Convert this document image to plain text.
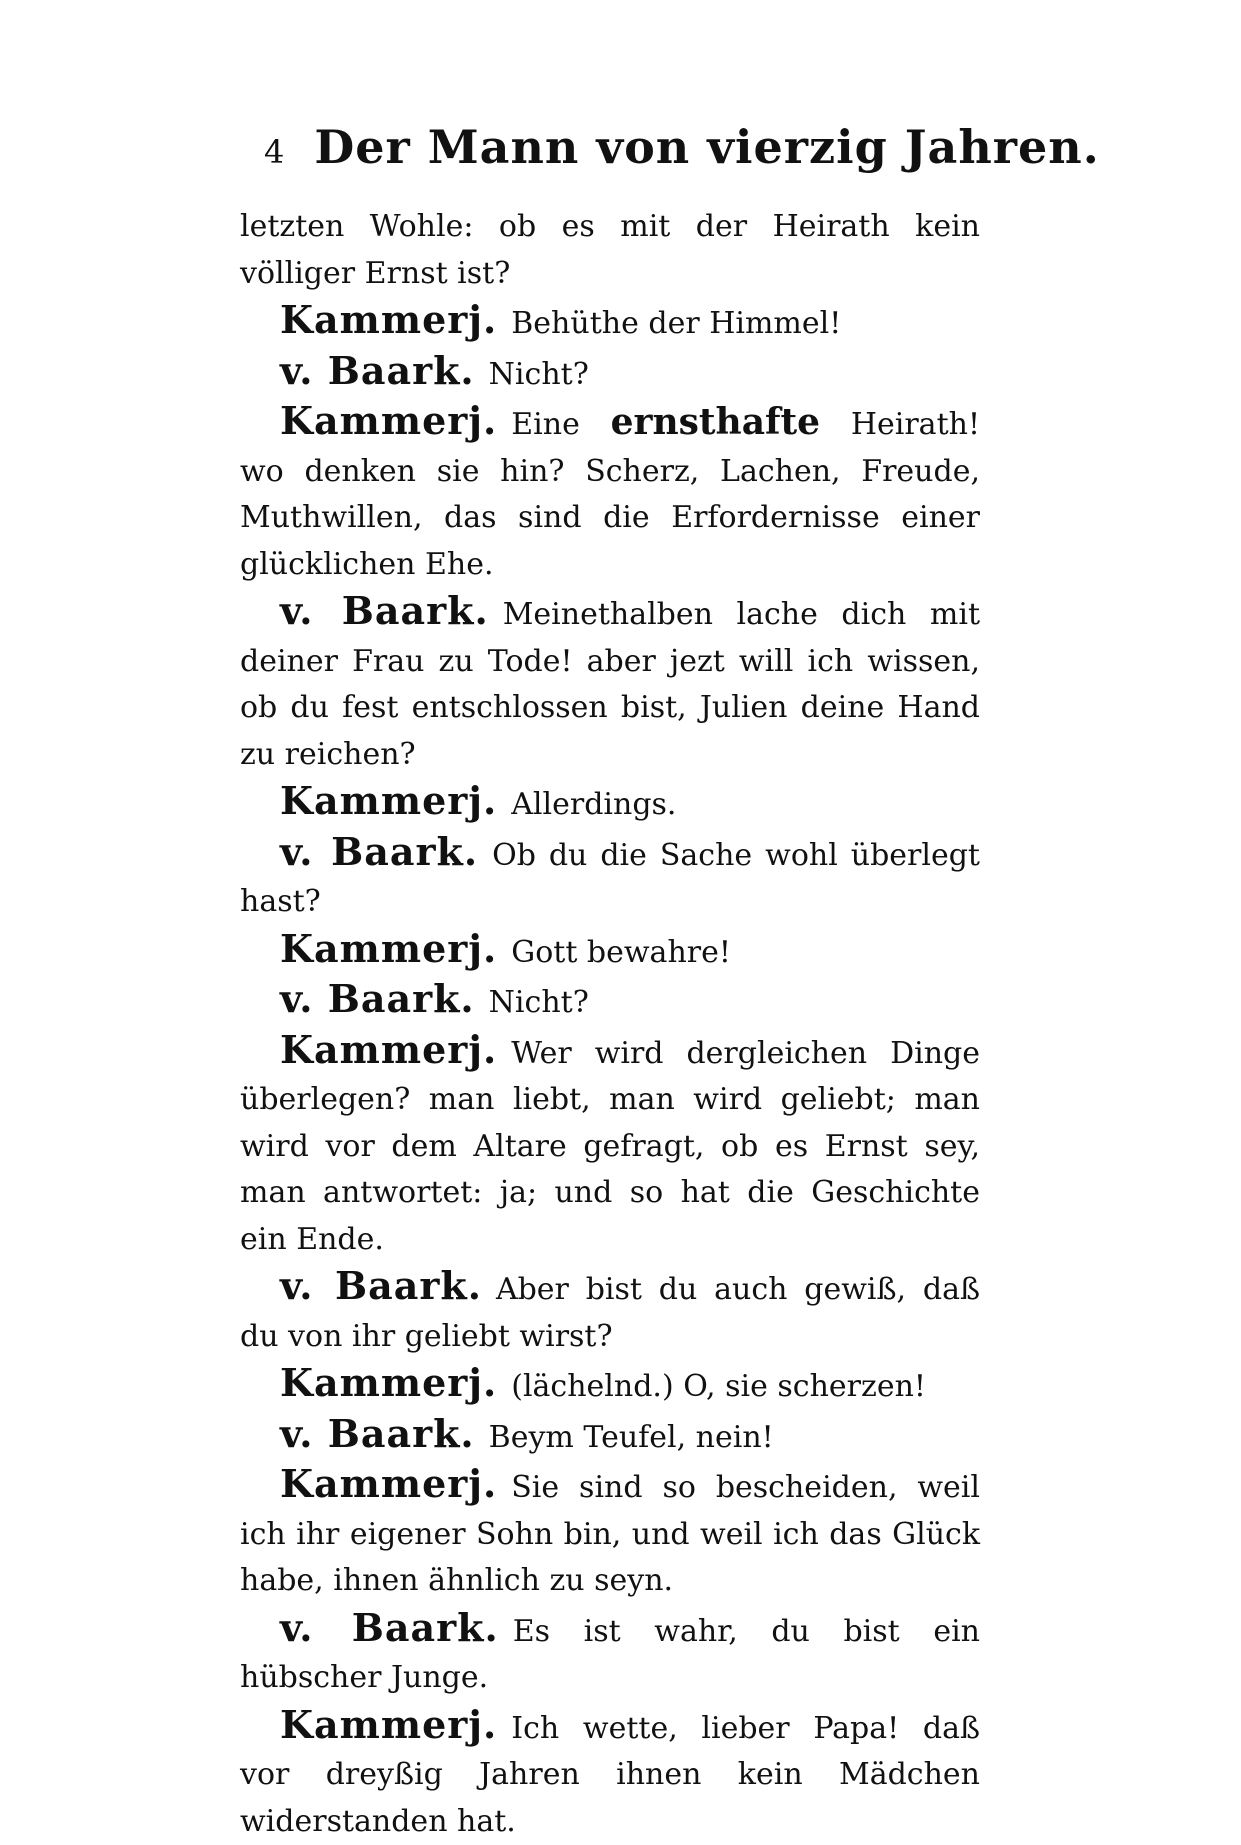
4 Der Mann von vierzig Jahren.

letzten Wohle: ob es mit der Heirath kein völliger Ernst ist?

Kammerj. Behüthe der Himmel!

v. Baark. Nicht?

Kammerj. Eine ernsthafte Heirath! wo denken sie hin? Scherz, Lachen, Freude, Muthwillen, das sind die Erfordernisse einer glücklichen Ehe.

v. Baark. Meinethalben lache dich mit deiner Frau zu Tode! aber jezt will ich wissen, ob du fest entschlossen bist, Julien deine Hand zu reichen?

Kammerj. Allerdings.

v. Baark. Ob du die Sache wohl überlegt hast?

Kammerj. Gott bewahre!

v. Baark. Nicht?

Kammerj. Wer wird dergleichen Dinge überlegen? man liebt, man wird geliebt; man wird vor dem Altare gefragt, ob es Ernst sey, man antwortet: ja; und so hat die Geschichte ein Ende.

v. Baark. Aber bist du auch gewiß, daß du von ihr geliebt wirst?

Kammerj. (lächelnd.) O, sie scherzen!

v. Baark. Beym Teufel, nein!

Kammerj. Sie sind so bescheiden, weil ich ihr eigener Sohn bin, und weil ich das Glück habe, ihnen ähnlich zu seyn.

v. Baark. Es ist wahr, du bist ein hübscher Junge.

Kammerj. Ich wette, lieber Papa! daß vor dreyßig Jahren ihnen kein Mädchen widerstanden hat.
